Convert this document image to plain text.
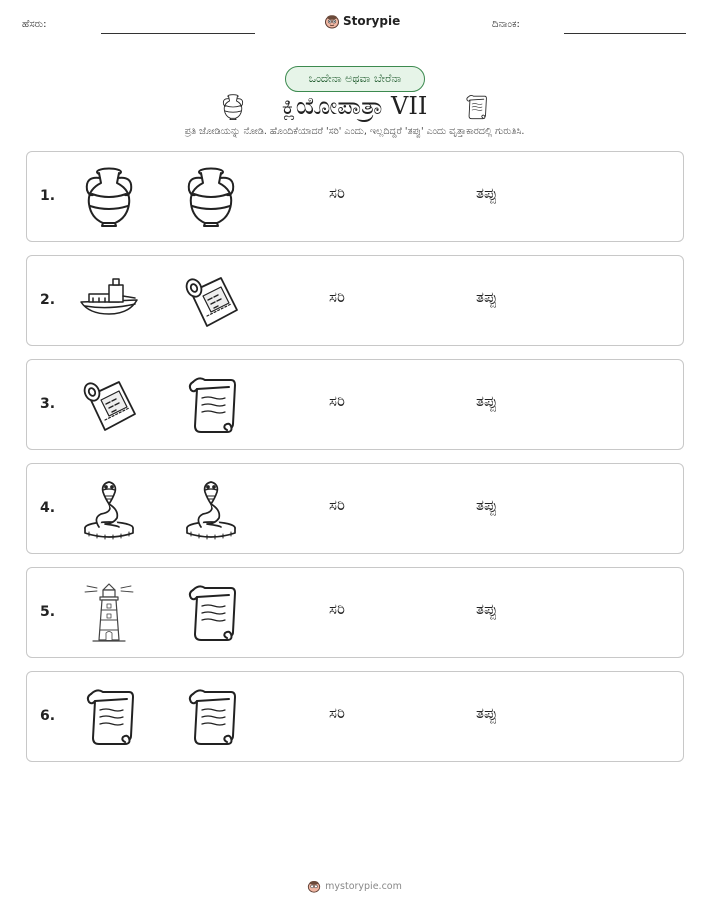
ಹೆಸರು:	Storypie	ದಿನಾಂಕ:
ಒಂದೇನಾ ಅಥವಾ ಬೇರೆನಾ
ಕ್ಲಿಯೋಪಾತ್ರಾ VII
ಪ್ರತಿ ಜೋಡಿಯನ್ನು ನೋಡಿ. ಹೊಂದಿಕೆಯಾದರೆ 'ಸರಿ' ಎಂದು, ಇಲ್ಲದಿದ್ದರೆ 'ತಪ್ಪು' ಎಂದು ವೃತ್ತಾಕಾರದಲ್ಲಿ ಗುರುತಿಸಿ.
1.	ಸರಿ	ತಪ್ಪು
2.	ಸರಿ	ತಪ್ಪು
3.	ಸರಿ	ತಪ್ಪು
4.	ಸರಿ	ತಪ್ಪು
5.	ಸರಿ	ತಪ್ಪು
6.	ಸರಿ	ತಪ್ಪು
mystorypie.com
